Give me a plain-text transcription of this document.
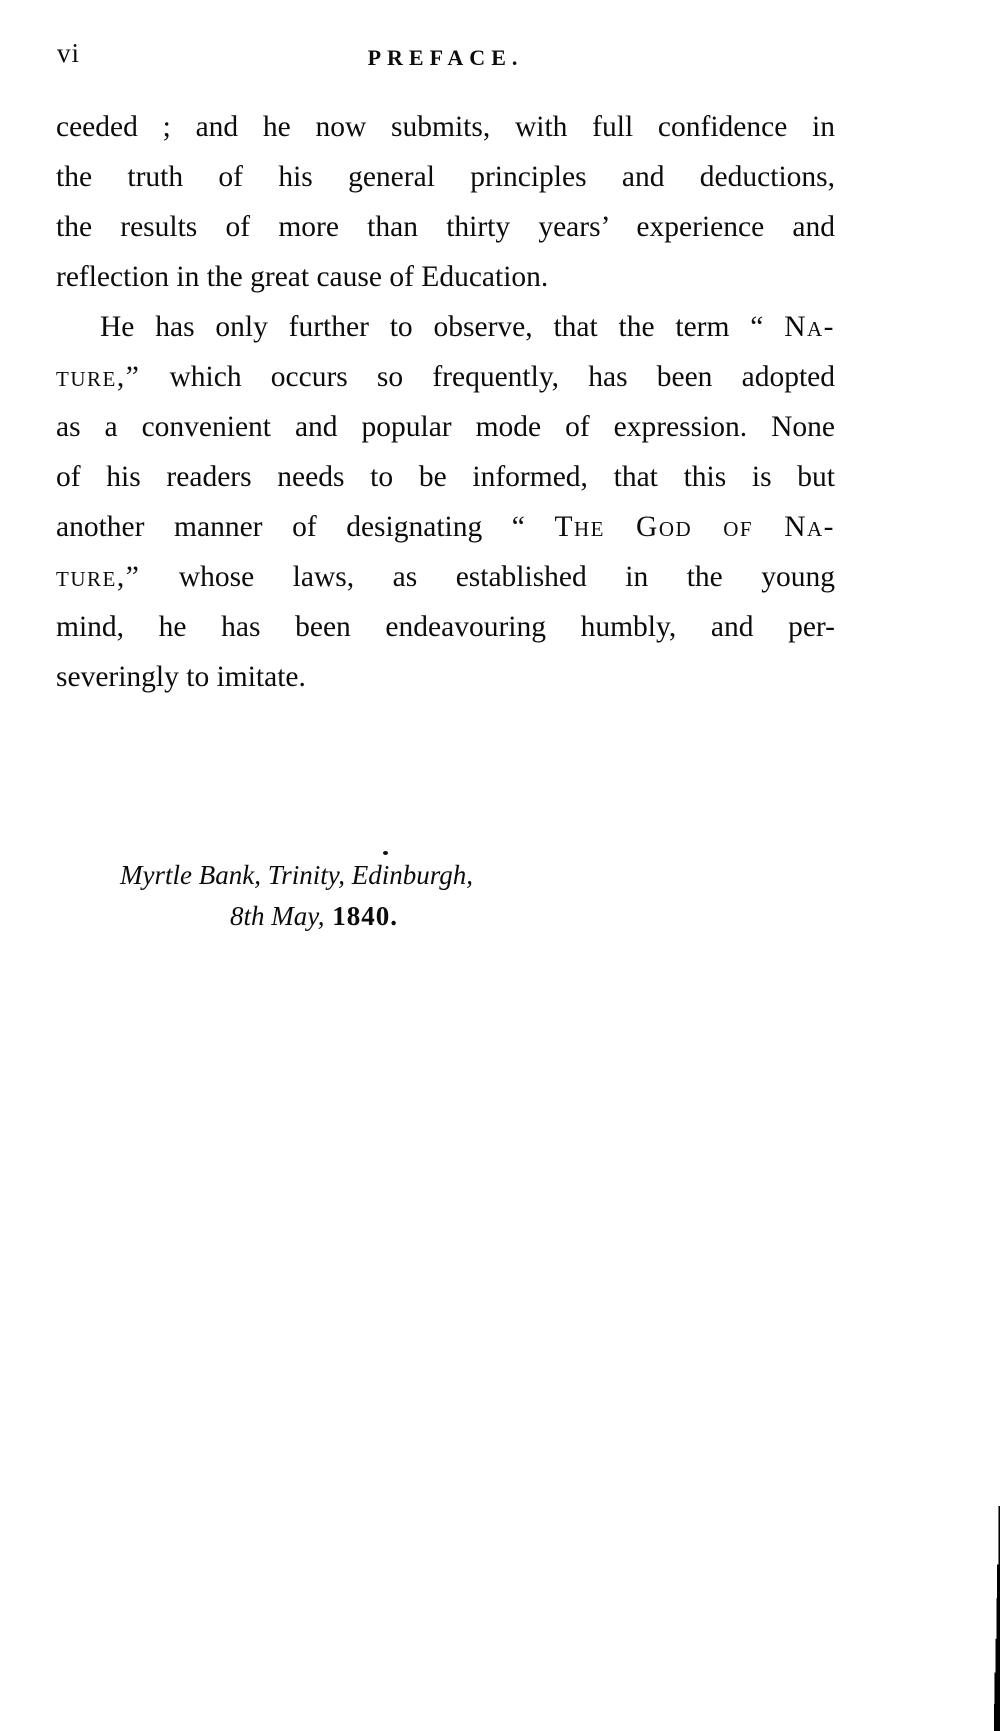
vi	PREFACE.
ceeded ; and he now submits, with full confidence in
the truth of his general principles and deductions,
the results of more than thirty years’ experience and
reflection in the great cause of Education.
He has only further to observe, that the term “ Na-
ture,” which occurs so frequently, has been adopted
as a convenient and popular mode of expression. None
of his readers needs to be informed, that this is but
another manner of designating “ The God of Na-
ture,” whose laws, as established in the young
mind, he has been endeavouring humbly, and per-
severingly to imitate.
Myrtle Bank, Trinity, Edinburgh,
8th May, 1840.
